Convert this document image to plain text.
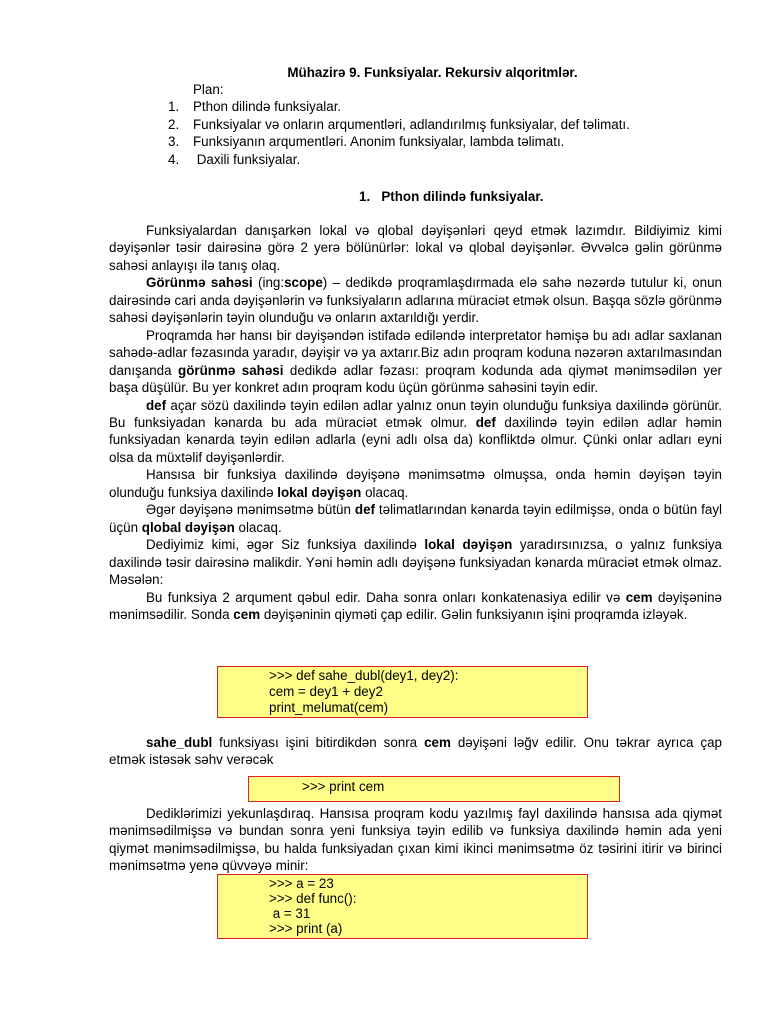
Mühazirə 9. Funksiyalar. Rekursiv alqoritmlər.
Plan:
1.	Pthon dilində funksiyalar.
2.	Funksiyalar və onların arqumentləri, adlandırılmış funksiyalar, def təlimatı.
3.	Funksiyanın arqumentləri. Anonim funksiyalar, lambda təlimatı.
4.	Daxili funksiyalar.
1.   Pthon dilində funksiyalar.

Funksiyalardan danışarkən lokal və qlobal dəyişənləri qeyd etmək lazımdır. Bildiyimiz kimi dəyişənlər təsir dairəsinə görə 2 yerə bölünürlər: lokal və qlobal dəyişənlər. Əvvəlcə gəlin görünmə sahəsi anlayışı ilə tanış olaq.

Görünmə sahəsi (ing:scope) – dedikdə proqramlaşdırmada elə sahə nəzərdə tutulur ki, onun dairəsində cari anda dəyişənlərin və funksiyaların adlarına müraciət etmək olsun. Başqa sözlə görünmə sahəsi dəyişənlərin təyin olunduğu və onların axtarıldığı yerdir.

Proqramda hər hansı bir dəyişəndən istifadə ediləndə interpretator həmişə bu adı adlar saxlanan sahədə-adlar fəzasında yaradır, dəyişir və ya axtarır.Biz adın proqram koduna nəzərən axtarılmasından danışanda görünmə sahəsi dedikdə adlar fəzası: proqram kodunda ada qiymət mənimsədilən yer başa düşülür. Bu yer konkret adın proqram kodu üçün görünmə sahəsini təyin edir.

def açar sözü daxilində təyin edilən adlar yalnız onun təyin olunduğu funksiya daxilində görünür. Bu funksiyadan kənarda bu ada müraciət etmək olmur. def daxilində təyin edilən adlar həmin funksiyadan kənarda təyin edilən adlarla (eyni adlı olsa da) konfliktdə olmur. Çünki onlar adları eyni olsa da müxtəlif dəyişənlərdir.

Hansısa bir funksiya daxilində dəyişənə mənimsətmə olmuşsa, onda həmin dəyişən təyin olunduğu funksiya daxilində lokal dəyişən olacaq.

Əgər dəyişənə mənimsətmə bütün def təlimatlarından kənarda təyin edilmişsə, onda o bütün fayl üçün qlobal dəyişən olacaq.

Dediyimiz kimi, əgər Siz funksiya daxilində lokal dəyişən yaradırsınızsa, o yalnız funksiya daxilində təsir dairəsinə malikdir. Yəni həmin adlı dəyişənə funksiyadan kənarda müraciət etmək olmaz. Məsələn:

Bu funksiya 2 arqument qəbul edir. Daha sonra onları konkatenasiya edilir və cem dəyişəninə mənimsədilir. Sonda cem dəyişəninin qiyməti çap edilir. Gəlin funksiyanın işini proqramda izləyək.

>>> def sahe_dubl(dey1, dey2):
cem = dey1 + dey2
print_melumat(cem)

sahe_dubl funksiyası işini bitirdikdən sonra cem dəyişəni ləğv edilir. Onu təkrar ayrıca çap etmək istəsək səhv verəcək

>>> print cem

Dediklərimizi yekunlaşdıraq. Hansısa proqram kodu yazılmış fayl daxilində hansısa ada qiymət mənimsədilmişsə və bundan sonra yeni funksiya təyin edilib və funksiya daxilində həmin ada yeni qiymət mənimsədilmişsə, bu halda funksiyadan çıxan kimi ikinci mənimsətmə öz təsirini itirir və birinci mənimsətmə yenə qüvvəyə minir:

>>> a = 23
>>> def func():
a = 31
>>> print (a)
